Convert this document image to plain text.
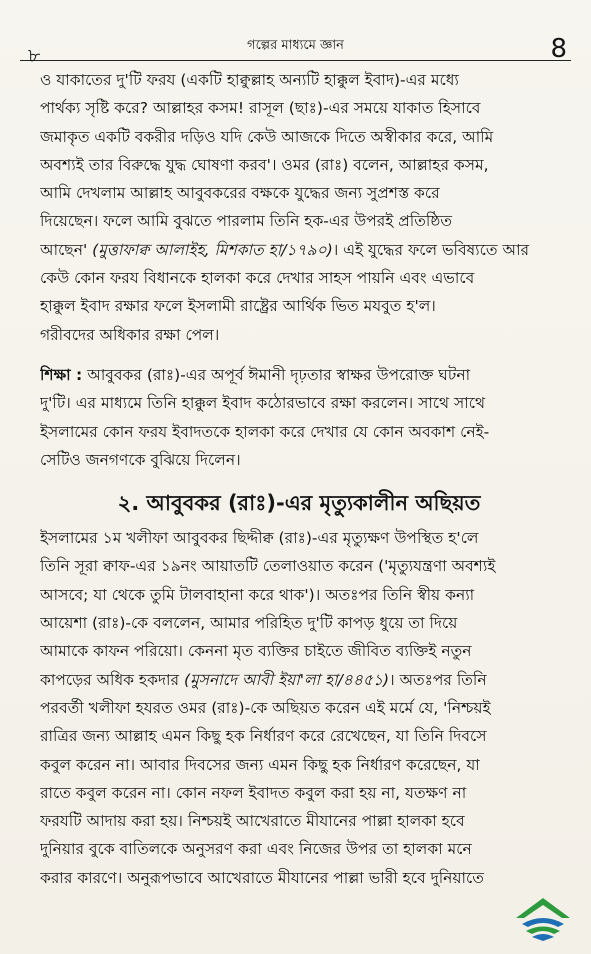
৮	গল্পের মাধ্যমে জ্ঞান	8

ও যাকাতের দু'টি ফরয (একটি হাক্বুল্লাহ অন্যটি হাক্কুল ইবাদ)-এর মধ্যে
পার্থক্য সৃষ্টি করে? আল্লাহর কসম! রাসূল (ছাঃ)-এর সময়ে যাকাত হিসাবে
জমাকৃত একটি বকরীর দড়িও যদি কেউ আজকে দিতে অস্বীকার করে, আমি
অবশ্যই তার বিরুদ্ধে যুদ্ধ ঘোষণা করব'। ওমর (রাঃ) বলেন, আল্লাহর কসম,
আমি দেখলাম আল্লাহ আবুবকরের বক্ষকে যুদ্ধের জন্য সুপ্রশস্ত করে
দিয়েছেন। ফলে আমি বুঝতে পারলাম তিনি হক-এর উপরই প্রতিষ্ঠিত
আছেন' (মুত্তাফাক্ব আলাইহ, মিশকাত হা/১৭৯০)। এই যুদ্ধের ফলে ভবিষ্যতে আর
কেউ কোন ফরয বিধানকে হালকা করে দেখার সাহস পায়নি এবং এভাবে
হাক্কুল ইবাদ রক্ষার ফলে ইসলামী রাষ্ট্রের আর্থিক ভিত মযবুত হ'ল।
গরীবদের অধিকার রক্ষা পেল।

শিক্ষা : আবুবকর (রাঃ)-এর অপূর্ব ঈমানী দৃঢ়তার স্বাক্ষর উপরোক্ত ঘটনা
দু'টি। এর মাধ্যমে তিনি হাক্কুল ইবাদ কঠোরভাবে রক্ষা করলেন। সাথে সাথে
ইসলামের কোন ফরয ইবাদতকে হালকা করে দেখার যে কোন অবকাশ নেই-
সেটিও জনগণকে বুঝিয়ে দিলেন।

২. আবুবকর (রাঃ)-এর মৃত্যুকালীন অছিয়ত

ইসলামের ১ম খলীফা আবুবকর ছিদ্দীক্ব (রাঃ)-এর মৃত্যুক্ষণ উপস্থিত হ'লে
তিনি সূরা ক্বাফ-এর ১৯নং আয়াতটি তেলাওয়াত করেন ('মৃত্যুযন্ত্রণা অবশ্যই
আসবে; যা থেকে তুমি টালবাহানা করে থাক')। অতঃপর তিনি স্বীয় কন্যা
আয়েশা (রাঃ)-কে বললেন, আমার পরিহিত দু'টি কাপড় ধুয়ে তা দিয়ে
আমাকে কাফন পরিয়ো। কেননা মৃত ব্যক্তির চাইতে জীবিত ব্যক্তিই নতুন
কাপড়ের অধিক হকদার (মুসনাদে আবী ইয়া'লা হা/৪৪৫১)। অতঃপর তিনি
পরবর্তী খলীফা হযরত ওমর (রাঃ)-কে অছিয়ত করেন এই মর্মে যে, 'নিশ্চয়ই
রাত্রির জন্য আল্লাহ এমন কিছু হক নির্ধারণ করে রেখেছেন, যা তিনি দিবসে
কবুল করেন না। আবার দিবসের জন্য এমন কিছু হক নির্ধারণ করেছেন, যা
রাতে কবুল করেন না। কোন নফল ইবাদত কবুল করা হয় না, যতক্ষণ না
ফরযটি আদায় করা হয়। নিশ্চয়ই আখেরাতে মীযানের পাল্লা হালকা হবে
দুনিয়ার বুকে বাতিলকে অনুসরণ করা এবং নিজের উপর তা হালকা মনে
করার কারণে। অনুরূপভাবে আখেরাতে মীযানের পাল্লা ভারী হবে দুনিয়াতে
